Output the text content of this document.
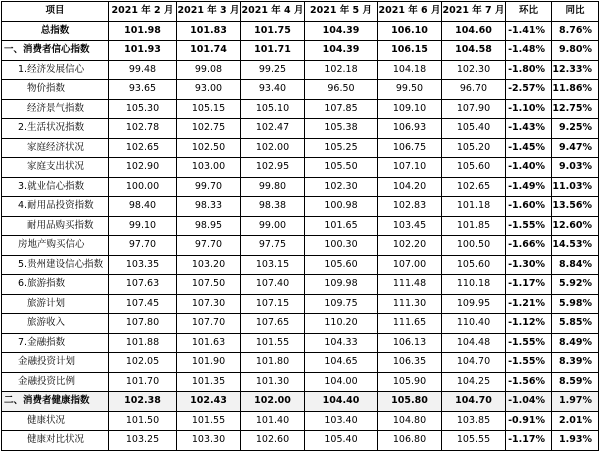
项目	2021 年 2 月	2021 年 3 月	2021 年 4 月	2021 年 5 月	2021 年 6 月	2021 年 7 月	环比	同比
总指数	101.98	101.83	101.75	104.39	106.10	104.60	-1.41%	8.76%
一、消费者信心指数	101.93	101.74	101.71	104.39	106.15	104.58	-1.48%	9.80%
1.经济发展信心	99.48	99.08	99.25	102.18	104.18	102.30	-1.80%	12.33%
物价指数	93.65	93.00	93.40	96.50	99.50	96.70	-2.57%	11.86%
经济景气指数	105.30	105.15	105.10	107.85	109.10	107.90	-1.10%	12.75%
2.生活状况指数	102.78	102.75	102.47	105.38	106.93	105.40	-1.43%	9.25%
家庭经济状况	102.65	102.50	102.00	105.25	106.75	105.20	-1.45%	9.47%
家庭支出状况	102.90	103.00	102.95	105.50	107.10	105.60	-1.40%	9.03%
3.就业信心指数	100.00	99.70	99.80	102.30	104.20	102.65	-1.49%	11.03%
4.耐用品投资指数	98.40	98.33	98.38	100.98	102.83	101.18	-1.60%	13.56%
耐用品购买指数	99.10	98.95	99.00	101.65	103.45	101.85	-1.55%	12.60%
房地产购买信心	97.70	97.70	97.75	100.30	102.20	100.50	-1.66%	14.53%
5.贵州建设信心指数	103.35	103.20	103.15	105.60	107.00	105.60	-1.30%	8.84%
6.旅游指数	107.63	107.50	107.40	109.98	111.48	110.18	-1.17%	5.92%
旅游计划	107.45	107.30	107.15	109.75	111.30	109.95	-1.21%	5.98%
旅游收入	107.80	107.70	107.65	110.20	111.65	110.40	-1.12%	5.85%
7.金融指数	101.88	101.63	101.55	104.33	106.13	104.48	-1.55%	8.49%
金融投资计划	102.05	101.90	101.80	104.65	106.35	104.70	-1.55%	8.39%
金融投资比例	101.70	101.35	101.30	104.00	105.90	104.25	-1.56%	8.59%
二、消费者健康指数	102.38	102.43	102.00	104.40	105.80	104.70	-1.04%	1.97%
健康状况	101.50	101.55	101.40	103.40	104.80	103.85	-0.91%	2.01%
健康对比状况	103.25	103.30	102.60	105.40	106.80	105.55	-1.17%	1.93%
